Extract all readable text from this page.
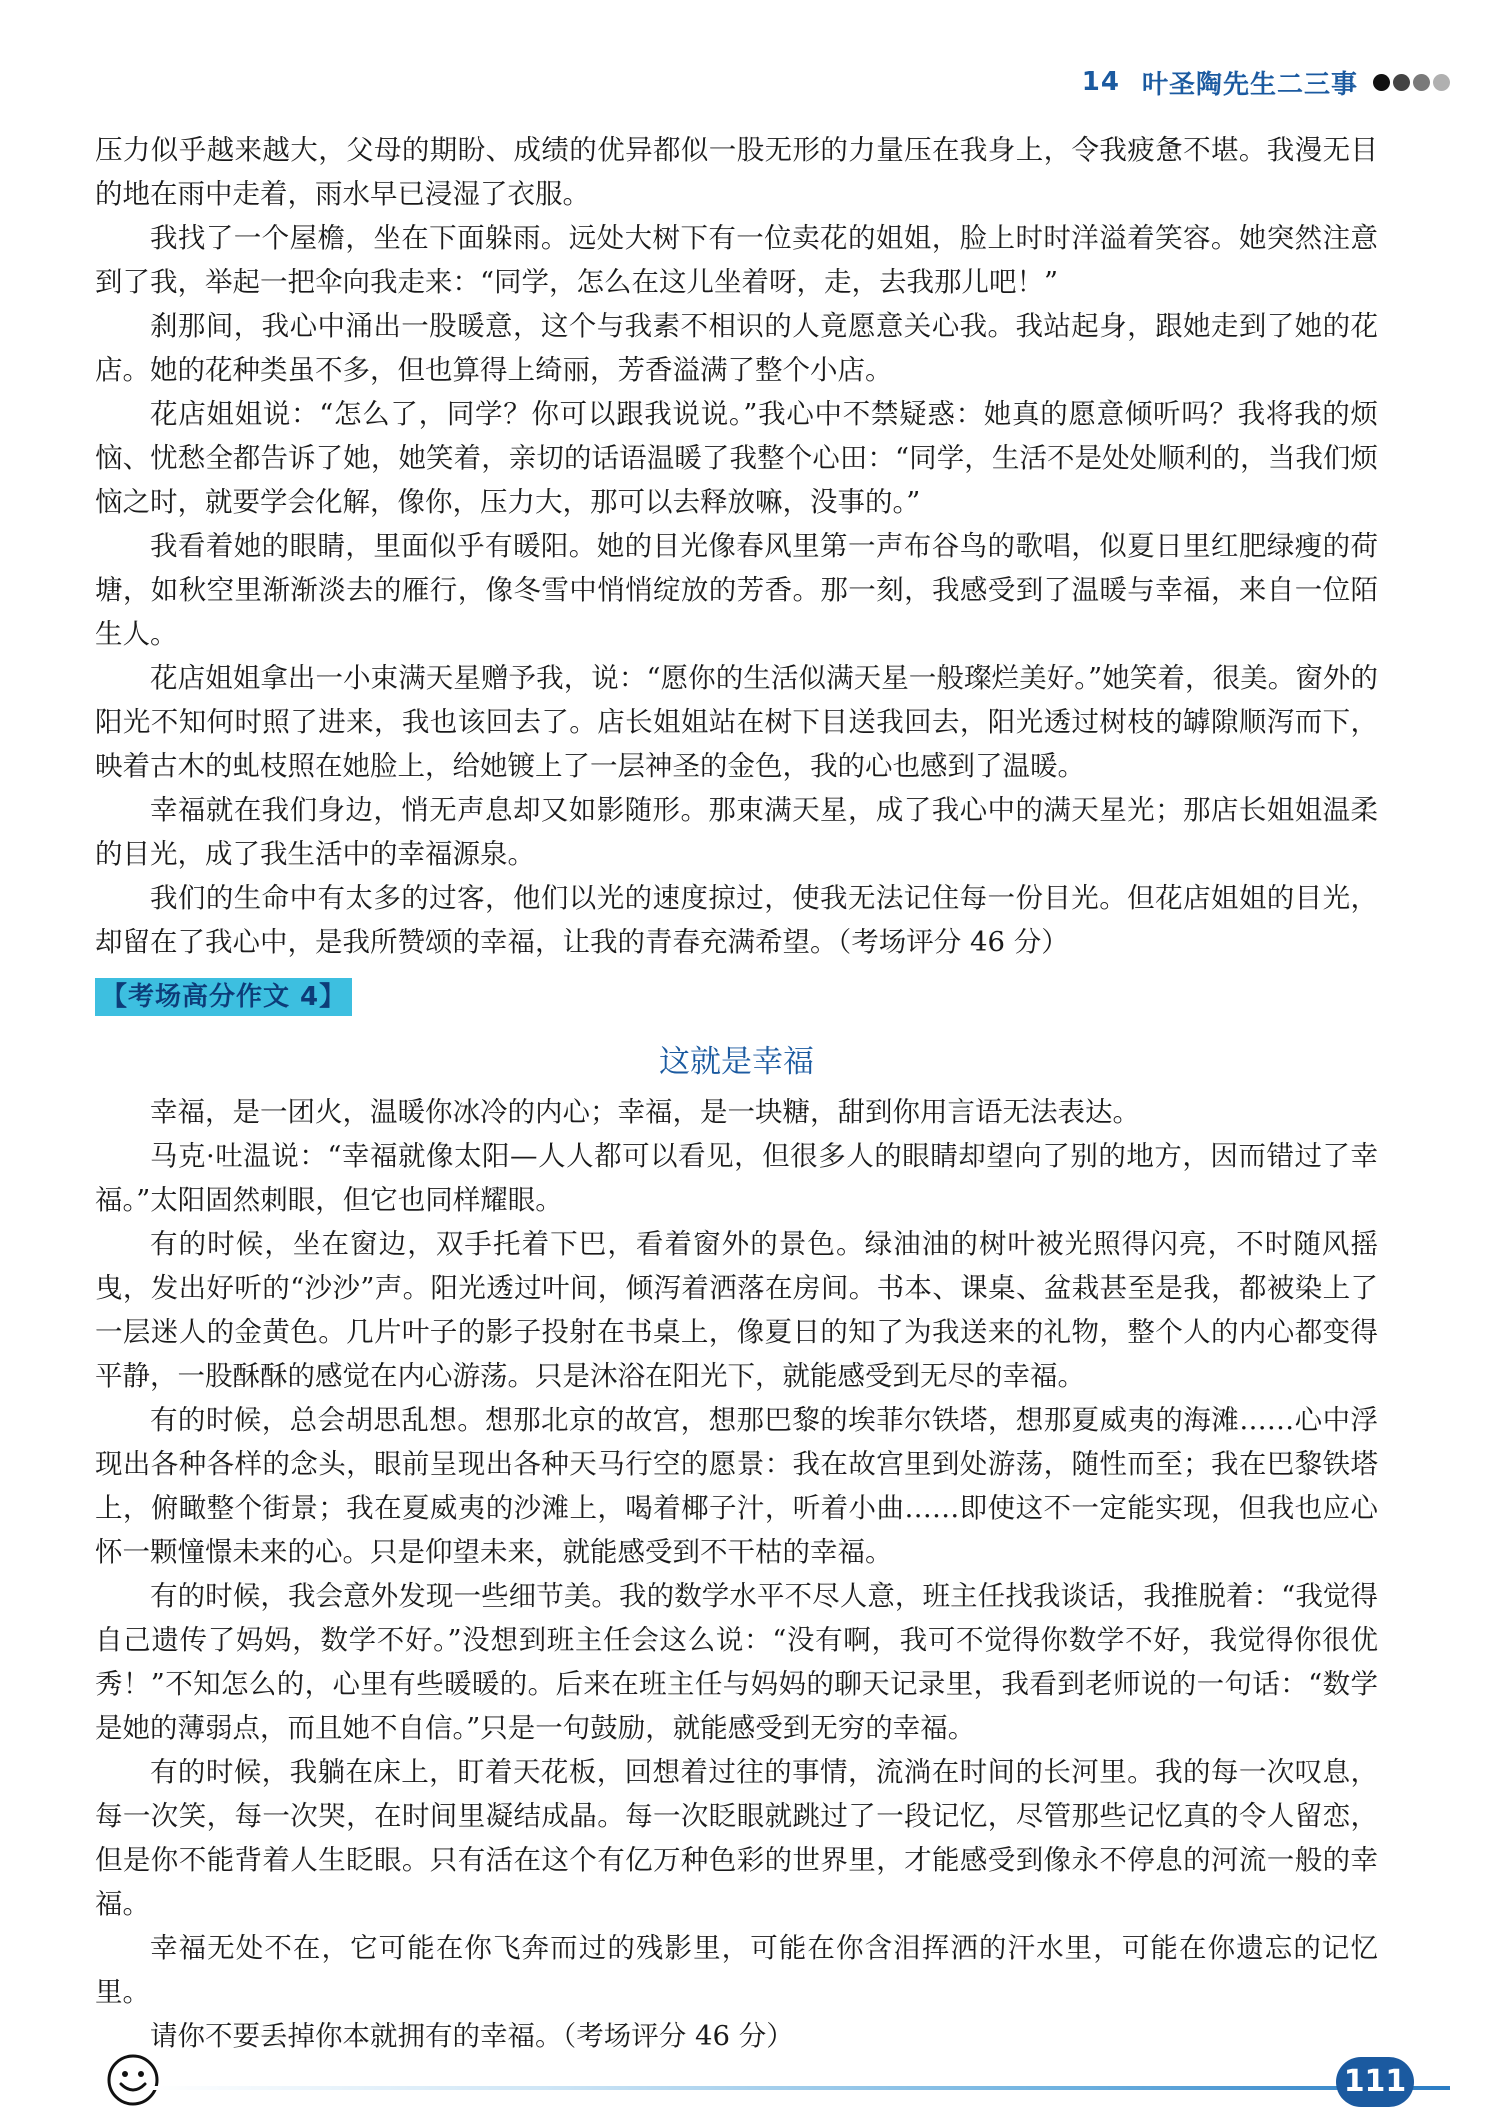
14 叶圣陶先生二三事

压力似乎越来越大，父母的期盼、成绩的优异都似一股无形的力量压在我身上，令我疲惫不堪。我漫无目的地在雨中走着，雨水早已浸湿了衣服。

我找了一个屋檐，坐在下面躲雨。远处大树下有一位卖花的姐姐，脸上时时洋溢着笑容。她突然注意到了我，举起一把伞向我走来：“同学，怎么在这儿坐着呀，走，去我那儿吧！”

刹那间，我心中涌出一股暖意，这个与我素不相识的人竟愿意关心我。我站起身，跟她走到了她的花店。她的花种类虽不多，但也算得上绮丽，芳香溢满了整个小店。

花店姐姐说：“怎么了，同学？你可以跟我说说。”我心中不禁疑惑：她真的愿意倾听吗？我将我的烦恼、忧愁全都告诉了她，她笑着，亲切的话语温暖了我整个心田：“同学，生活不是处处顺利的，当我们烦恼之时，就要学会化解，像你，压力大，那可以去释放嘛，没事的。”

我看着她的眼睛，里面似乎有暖阳。她的目光像春风里第一声布谷鸟的歌唱，似夏日里红肥绿瘦的荷塘，如秋空里渐渐淡去的雁行，像冬雪中悄悄绽放的芳香。那一刻，我感受到了温暖与幸福，来自一位陌生人。

花店姐姐拿出一小束满天星赠予我，说：“愿你的生活似满天星一般璨烂美好。”她笑着，很美。窗外的阳光不知何时照了进来，我也该回去了。店长姐姐站在树下目送我回去，阳光透过树枝的罅隙顺泻而下，映着古木的虬枝照在她脸上，给她镀上了一层神圣的金色，我的心也感到了温暖。

幸福就在我们身边，悄无声息却又如影随形。那束满天星，成了我心中的满天星光；那店长姐姐温柔的目光，成了我生活中的幸福源泉。

我们的生命中有太多的过客，他们以光的速度掠过，使我无法记住每一份目光。但花店姐姐的目光，却留在了我心中，是我所赞颂的幸福，让我的青春充满希望。（考场评分 46 分）

【考场高分作文 4】
这就是幸福

幸福，是一团火，温暖你冰冷的内心；幸福，是一块糖，甜到你用言语无法表达。

马克·吐温说：“幸福就像太阳—人人都可以看见，但很多人的眼睛却望向了别的地方，因而错过了幸福。”太阳固然刺眼，但它也同样耀眼。

有的时候，坐在窗边，双手托着下巴，看着窗外的景色。绿油油的树叶被光照得闪亮，不时随风摇曳，发出好听的“沙沙”声。阳光透过叶间，倾泻着洒落在房间。书本、课桌、盆栽甚至是我，都被染上了一层迷人的金黄色。几片叶子的影子投射在书桌上，像夏日的知了为我送来的礼物，整个人的内心都变得平静，一股酥酥的感觉在内心游荡。只是沐浴在阳光下，就能感受到无尽的幸福。

有的时候，总会胡思乱想。想那北京的故宫，想那巴黎的埃菲尔铁塔，想那夏威夷的海滩……心中浮现出各种各样的念头，眼前呈现出各种天马行空的愿景：我在故宫里到处游荡，随性而至；我在巴黎铁塔上，俯瞰整个街景；我在夏威夷的沙滩上，喝着椰子汁，听着小曲……即使这不一定能实现，但我也应心怀一颗憧憬未来的心。只是仰望未来，就能感受到不干枯的幸福。

有的时候，我会意外发现一些细节美。我的数学水平不尽人意，班主任找我谈话，我推脱着：“我觉得自己遗传了妈妈，数学不好。”没想到班主任会这么说：“没有啊，我可不觉得你数学不好，我觉得你很优秀！”不知怎么的，心里有些暖暖的。后来在班主任与妈妈的聊天记录里，我看到老师说的一句话：“数学是她的薄弱点，而且她不自信。”只是一句鼓励，就能感受到无穷的幸福。

有的时候，我躺在床上，盯着天花板，回想着过往的事情，流淌在时间的长河里。我的每一次叹息，每一次笑，每一次哭，在时间里凝结成晶。每一次眨眼就跳过了一段记忆，尽管那些记忆真的令人留恋，但是你不能背着人生眨眼。只有活在这个有亿万种色彩的世界里，才能感受到像永不停息的河流一般的幸福。

幸福无处不在，它可能在你飞奔而过的残影里，可能在你含泪挥洒的汗水里，可能在你遗忘的记忆里。

请你不要丢掉你本就拥有的幸福。（考场评分 46 分）

111
